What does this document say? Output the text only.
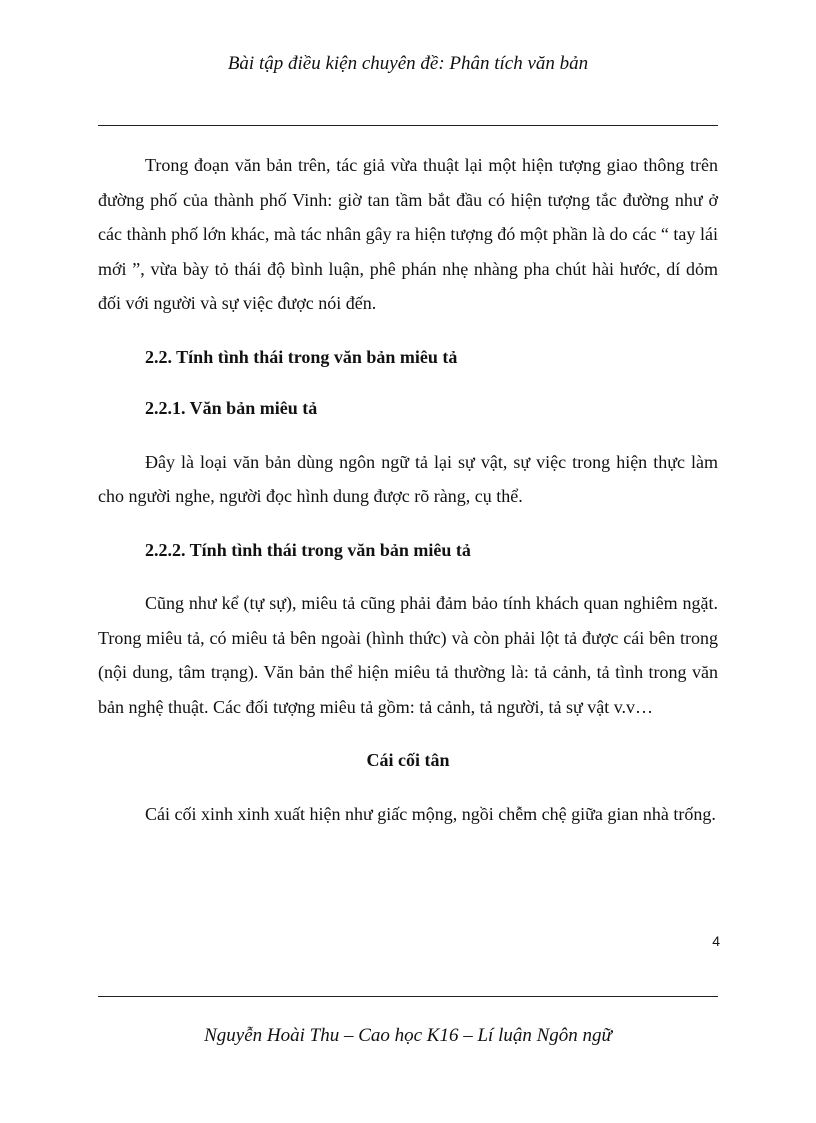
Bài tập điều kiện chuyên đề: Phân tích văn bản

Trong đoạn văn bản trên, tác giả vừa thuật lại một hiện tượng giao thông trên đường phố của thành phố Vinh: giờ tan tầm bắt đầu có hiện tượng tắc đường như ở các thành phố lớn khác, mà tác nhân gây ra hiện tượng đó một phần là do các “ tay lái mới ”, vừa bày tỏ thái độ bình luận, phê phán nhẹ nhàng pha chút hài hước, dí dỏm đối với người và sự việc được nói đến.

2.2. Tính tình thái trong văn bản miêu tả

2.2.1. Văn bản miêu tả

Đây là loại văn bản dùng ngôn ngữ tả lại sự vật, sự việc trong hiện thực làm cho người nghe, người đọc hình dung được rõ ràng, cụ thể.

2.2.2. Tính tình thái trong văn bản miêu tả

Cũng như kể (tự sự), miêu tả cũng phải đảm bảo tính khách quan nghiêm ngặt. Trong miêu tả, có miêu tả bên ngoài (hình thức) và còn phải lột tả được cái bên trong (nội dung, tâm trạng). Văn bản thể hiện miêu tả thường là: tả cảnh, tả tình trong văn bản nghệ thuật. Các đối tượng miêu tả gồm: tả cảnh, tả người, tả sự vật v.v…

Cái cối tân

Cái cối xinh xinh xuất hiện như giấc mộng, ngồi chễm chệ giữa gian nhà trống.

4
Nguyễn Hoài Thu – Cao học K16 – Lí luận Ngôn ngữ
